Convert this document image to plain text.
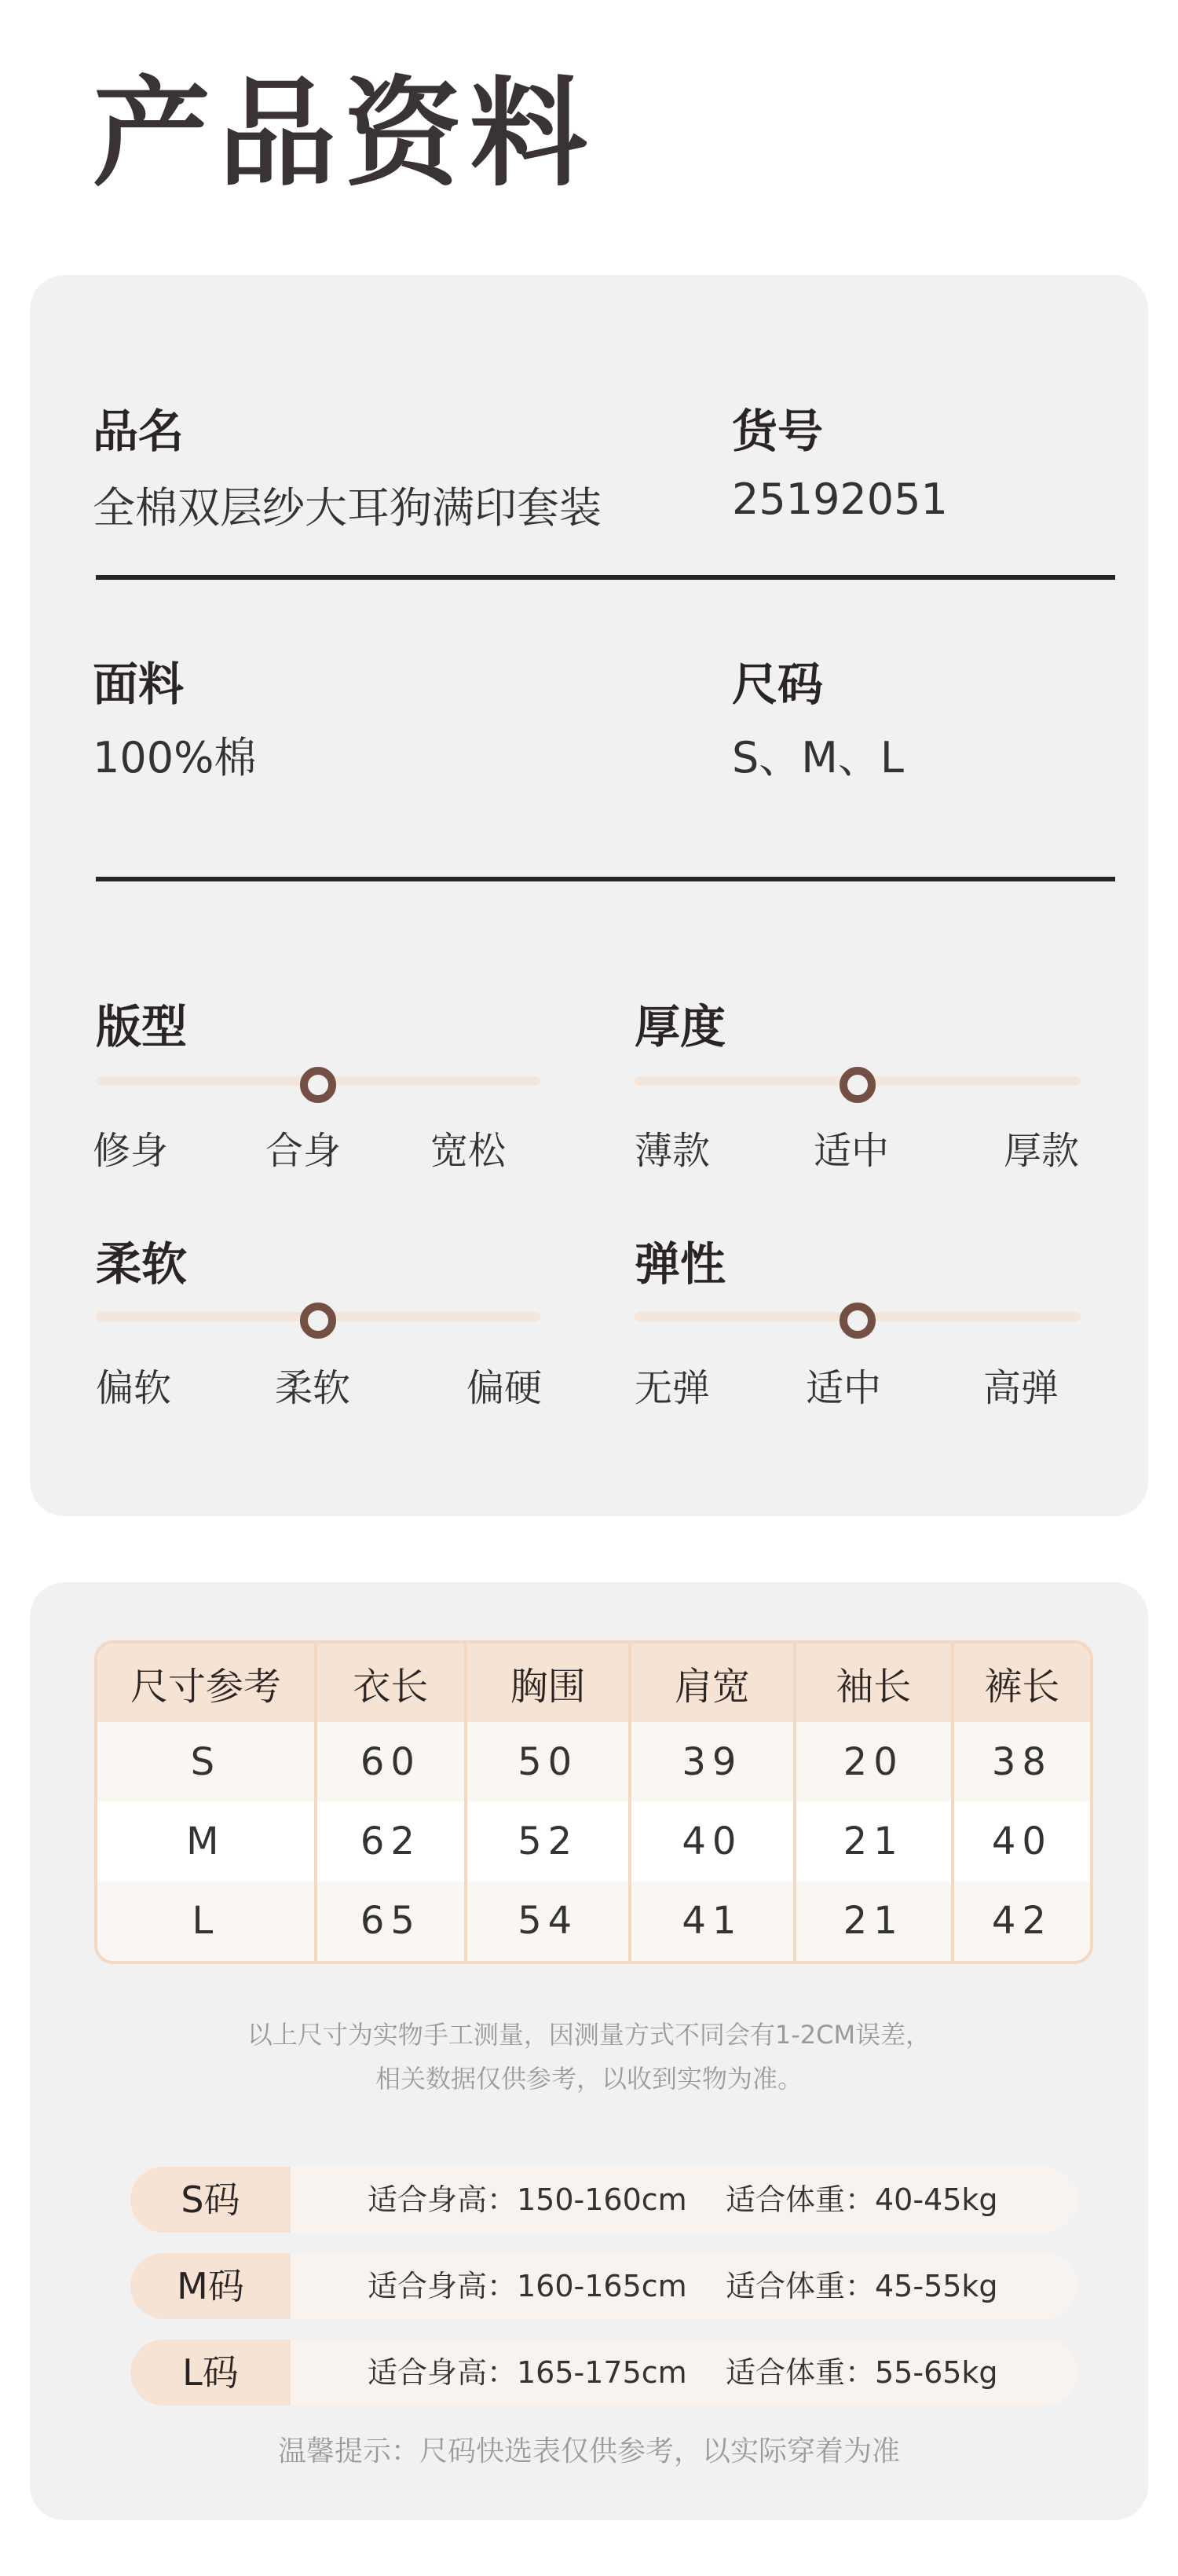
产品资料
品名
全棉双层纱大耳狗满印套装
货号
25192051
面料
100%棉
尺码
S、M、L
版型
修身	合身 宽松
厚度
薄款	适中	厚款
柔软
偏软	柔软	偏硬
弹性
无弹	适中	高弹
尺寸参考	衣长	胸围	肩宽	袖长	裤长
S	60	50	39	20	38
M	62	52	40	21	40
L	65	54	41	21	42
以上尺寸为实物手工测量，因测量方式不同会有1-2CM误差，
相关数据仅供参考，以收到实物为准。
S码	适合身高：150-160cm 适合体重：40-45kg
M码	适合身高：160-165cm 适合体重：45-55kg
L码	适合身高：165-175cm 适合体重：55-65kg
温馨提示：尺码快选表仅供参考，以实际穿着为准
